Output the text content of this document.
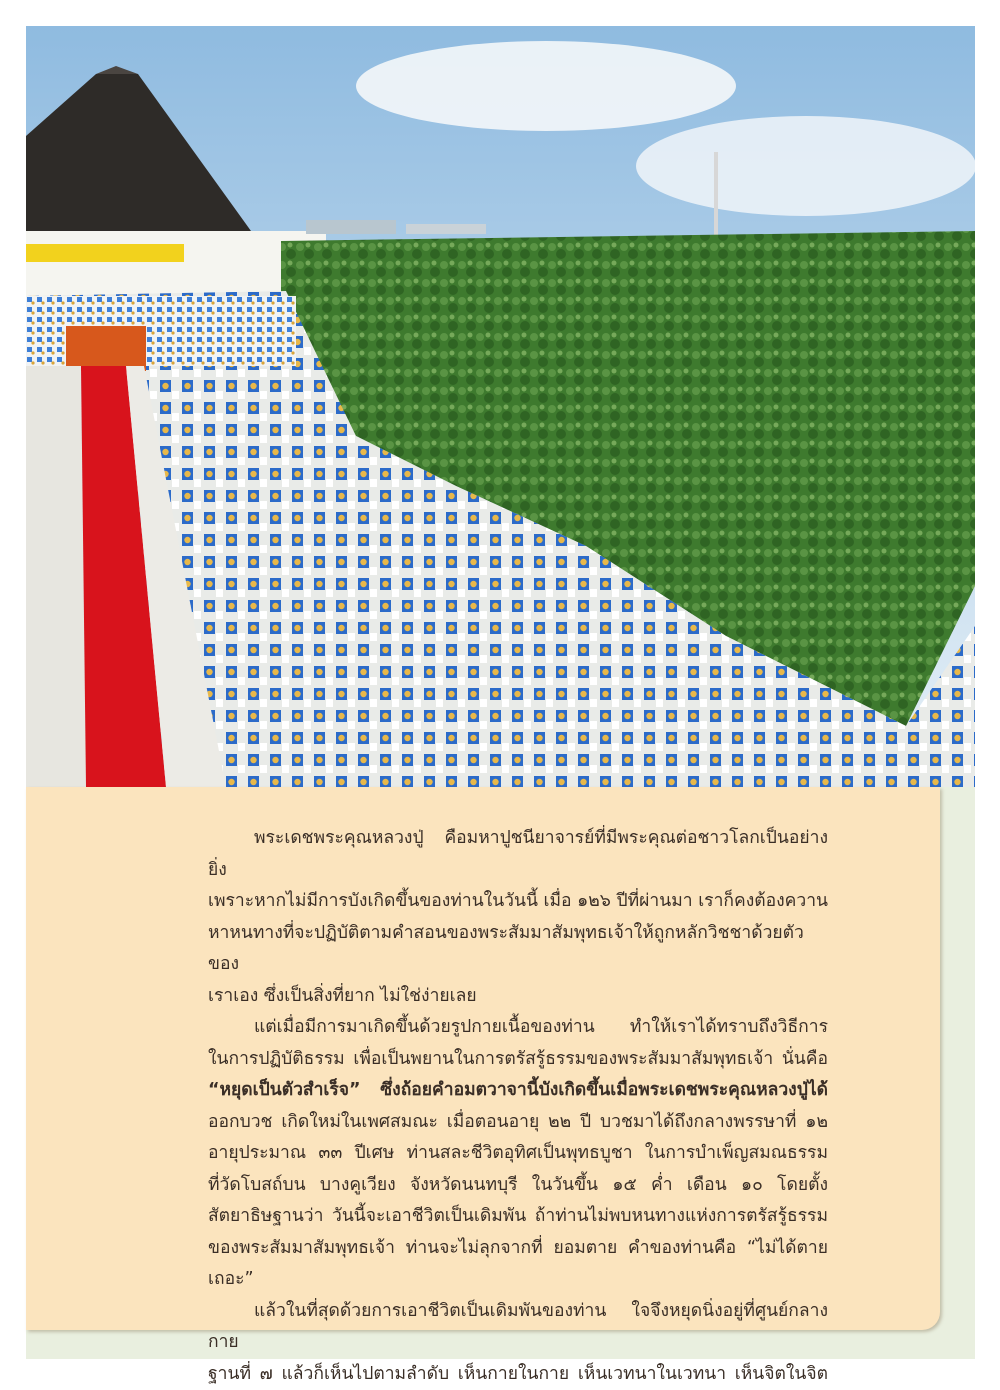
พระเดชพระคุณหลวงปู่ คือมหาปูชนียาจารย์ที่มีพระคุณต่อชาวโลกเป็นอย่างยิ่ง

เพราะหากไม่มีการบังเกิดขึ้นของท่านในวันนี้ เมื่อ ๑๒๖ ปีที่ผ่านมา เราก็คงต้องควาน
หาหนทางที่จะปฏิบัติตามคำสอนของพระสัมมาสัมพุทธเจ้าให้ถูกหลักวิชชาด้วยตัวของ
เราเอง ซึ่งเป็นสิ่งที่ยาก ไม่ใช่ง่ายเลย

แต่เมื่อมีการมาเกิดขึ้นด้วยรูปกายเนื้อของท่าน ทำให้เราได้ทราบถึงวิธีการ

ในการปฏิบัติธรรม เพื่อเป็นพยานในการตรัสรู้ธรรมของพระสัมมาสัมพุทธเจ้า นั่นคือ
“หยุดเป็นตัวสำเร็จ” ซึ่งถ้อยคำอมตวาจานี้บังเกิดขึ้นเมื่อพระเดชพระคุณหลวงปู่ได้
ออกบวช เกิดใหม่ในเพศสมณะ เมื่อตอนอายุ ๒๒ ปี บวชมาได้ถึงกลางพรรษาที่ ๑๒
อายุประมาณ ๓๓ ปีเศษ ท่านสละชีวิตอุทิศเป็นพุทธบูชา ในการบำเพ็ญสมณธรรม
ที่วัดโบสถ์บน บางคูเวียง จังหวัดนนทบุรี ในวันขึ้น ๑๕ ค่ำ เดือน ๑๐ โดยตั้ง
สัตยาธิษฐานว่า วันนี้จะเอาชีวิตเป็นเดิมพัน ถ้าท่านไม่พบหนทางแห่งการตรัสรู้ธรรม
ของพระสัมมาสัมพุทธเจ้า ท่านจะไม่ลุกจากที่ ยอมตาย คำของท่านคือ “ไม่ได้ตายเถอะ”

แล้วในที่สุดด้วยการเอาชีวิตเป็นเดิมพันของท่าน ใจจึงหยุดนิ่งอยู่ที่ศูนย์กลางกาย

ฐานที่ ๗ แล้วก็เห็นไปตามลำดับ เห็นกายในกาย เห็นเวทนาในเวทนา เห็นจิตในจิต
